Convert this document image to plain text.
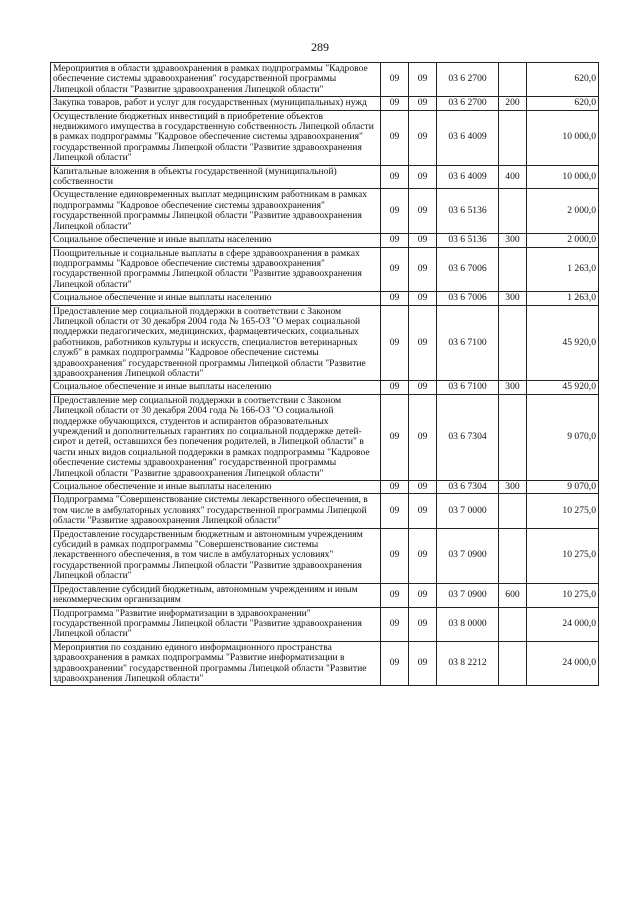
289
Мероприятия в области здравоохранения в рамках подпрограммы "Кадровое обеспечение системы здравоохранения" государственной программы Липецкой области "Развитие здравоохранения Липецкой области"	09	09	03 6 2700		620,0
Закупка товаров, работ и услуг для государственных (муниципальных) нужд	09	09	03 6 2700	200	620,0
Осуществление бюджетных инвестиций в приобретение объектов недвижимого имущества в государственную собственность Липецкой области в рамках подпрограммы "Кадровое обеспечение системы здравоохранения" государственной программы Липецкой области "Развитие здравоохранения Липецкой области"	09	09	03 6 4009		10 000,0
Капитальные вложения в объекты государственной (муниципальной) собственности	09	09	03 6 4009	400	10 000,0
Осуществление единовременных выплат медицинским работникам в рамках подпрограммы "Кадровое обеспечение системы здравоохранения" государственной программы Липецкой области "Развитие здравоохранения Липецкой области"	09	09	03 6 5136		2 000,0
Социальное обеспечение и иные выплаты населению	09	09	03 6 5136	300	2 000,0
Поощрительные и социальные выплаты в сфере здравоохранения в рамках подпрограммы "Кадровое обеспечение системы здравоохранения" государственной программы Липецкой области "Развитие здравоохранения Липецкой области"	09	09	03 6 7006		1 263,0
Социальное обеспечение и иные выплаты населению	09	09	03 6 7006	300	1 263,0
Предоставление мер социальной поддержки в соответствии с Законом Липецкой области от 30 декабря 2004 года № 165-ОЗ "О мерах социальной поддержки педагогических, медицинских, фармацевтических, социальных работников, работников культуры и искусств, специалистов ветеринарных служб" в рамках подпрограммы "Кадровое обеспечение системы здравоохранения" государственной программы Липецкой области "Развитие здравоохранения Липецкой области"	09	09	03 6 7100		45 920,0
Социальное обеспечение и иные выплаты населению	09	09	03 6 7100	300	45 920,0
Предоставление мер социальной поддержки в соответствии с Законом Липецкой области от 30 декабря 2004 года № 166-ОЗ "О социальной поддержке обучающихся, студентов и аспирантов образовательных учреждений и дополнительных гарантиях по социальной поддержке детей-сирот и детей, оставшихся без попечения родителей, в Липецкой области" в части иных видов социальной поддержки в рамках подпрограммы "Кадровое обеспечение системы здравоохранения" государственной программы Липецкой области "Развитие здравоохранения Липецкой области"	09	09	03 6 7304		9 070,0
Социальное обеспечение и иные выплаты населению	09	09	03 6 7304	300	9 070,0
Подпрограмма "Совершенствование системы лекарственного обеспечения, в том числе в амбулаторных условиях" государственной программы Липецкой области "Развитие здравоохранения Липецкой области"	09	09	03 7 0000		10 275,0
Предоставление государственным бюджетным и автономным учреждениям субсидий в рамках подпрограммы "Совершенствование системы лекарственного обеспечения, в том числе в амбулаторных условиях" государственной программы Липецкой области "Развитие здравоохранения Липецкой области"	09	09	03 7 0900		10 275,0
Предоставление субсидий бюджетным, автономным учреждениям и иным некоммерческим организациям	09	09	03 7 0900	600	10 275,0
Подпрограмма "Развитие информатизации в здравоохранении" государственной программы Липецкой области "Развитие здравоохранения Липецкой области"	09	09	03 8 0000		24 000,0
Мероприятия по созданию единого информационного пространства здравоохранения в рамках подпрограммы "Развитие информатизации в здравоохранении" государственной программы Липецкой области "Развитие здравоохранения Липецкой области"	09	09	03 8 2212		24 000,0
